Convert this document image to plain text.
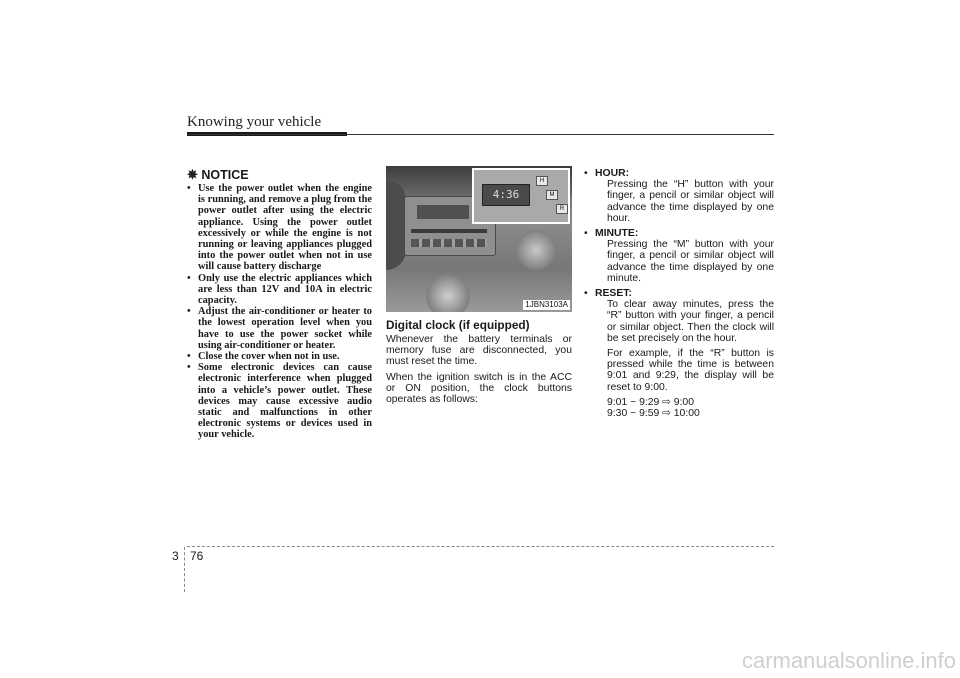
Knowing your vehicle
✵ NOTICE
• Use the power outlet when the engine is running, and remove a plug from the power outlet after using the electric appliance. Using the power outlet excessively or while the engine is not running or leaving appliances plugged into the power outlet when not in use will cause battery discharge
• Only use the electric appliances which are less than 12V and 10A in electric capacity.
• Adjust the air-conditioner or heater to the lowest operation level when you have to use the power socket while using air-conditioner or heater.
• Close the cover when not in use.
• Some electronic devices can cause electronic interference when plugged into a vehicle’s power outlet. These devices may cause excessive audio static and malfunctions in other electronic systems or devices used in your vehicle.
4:36
H
M
R
1JBN3103A
Digital clock (if equipped)
Whenever the battery terminals or memory fuse are disconnected, you must reset the time.
When the ignition switch is in the ACC or ON position, the clock buttons operates as follows:
• HOUR:

Pressing the “H” button with your finger, a pencil or similar object will advance the time displayed by one hour.

• MINUTE:

Pressing the “M” button with your finger, a pencil or similar object will advance the time displayed by one minute.

• RESET:

To clear away minutes, press the “R” button with your finger, a pencil or similar object. Then the clock will be set precisely on the hour.

For example, if the “R” button is pressed while the time is between 9:01 and 9:29, the display will be reset to 9:00.

9:01 ~ 9:29 ⇨ 9:00

9:30 ~ 9:59 ⇨ 10:00

3 76
carmanualsonline.info
